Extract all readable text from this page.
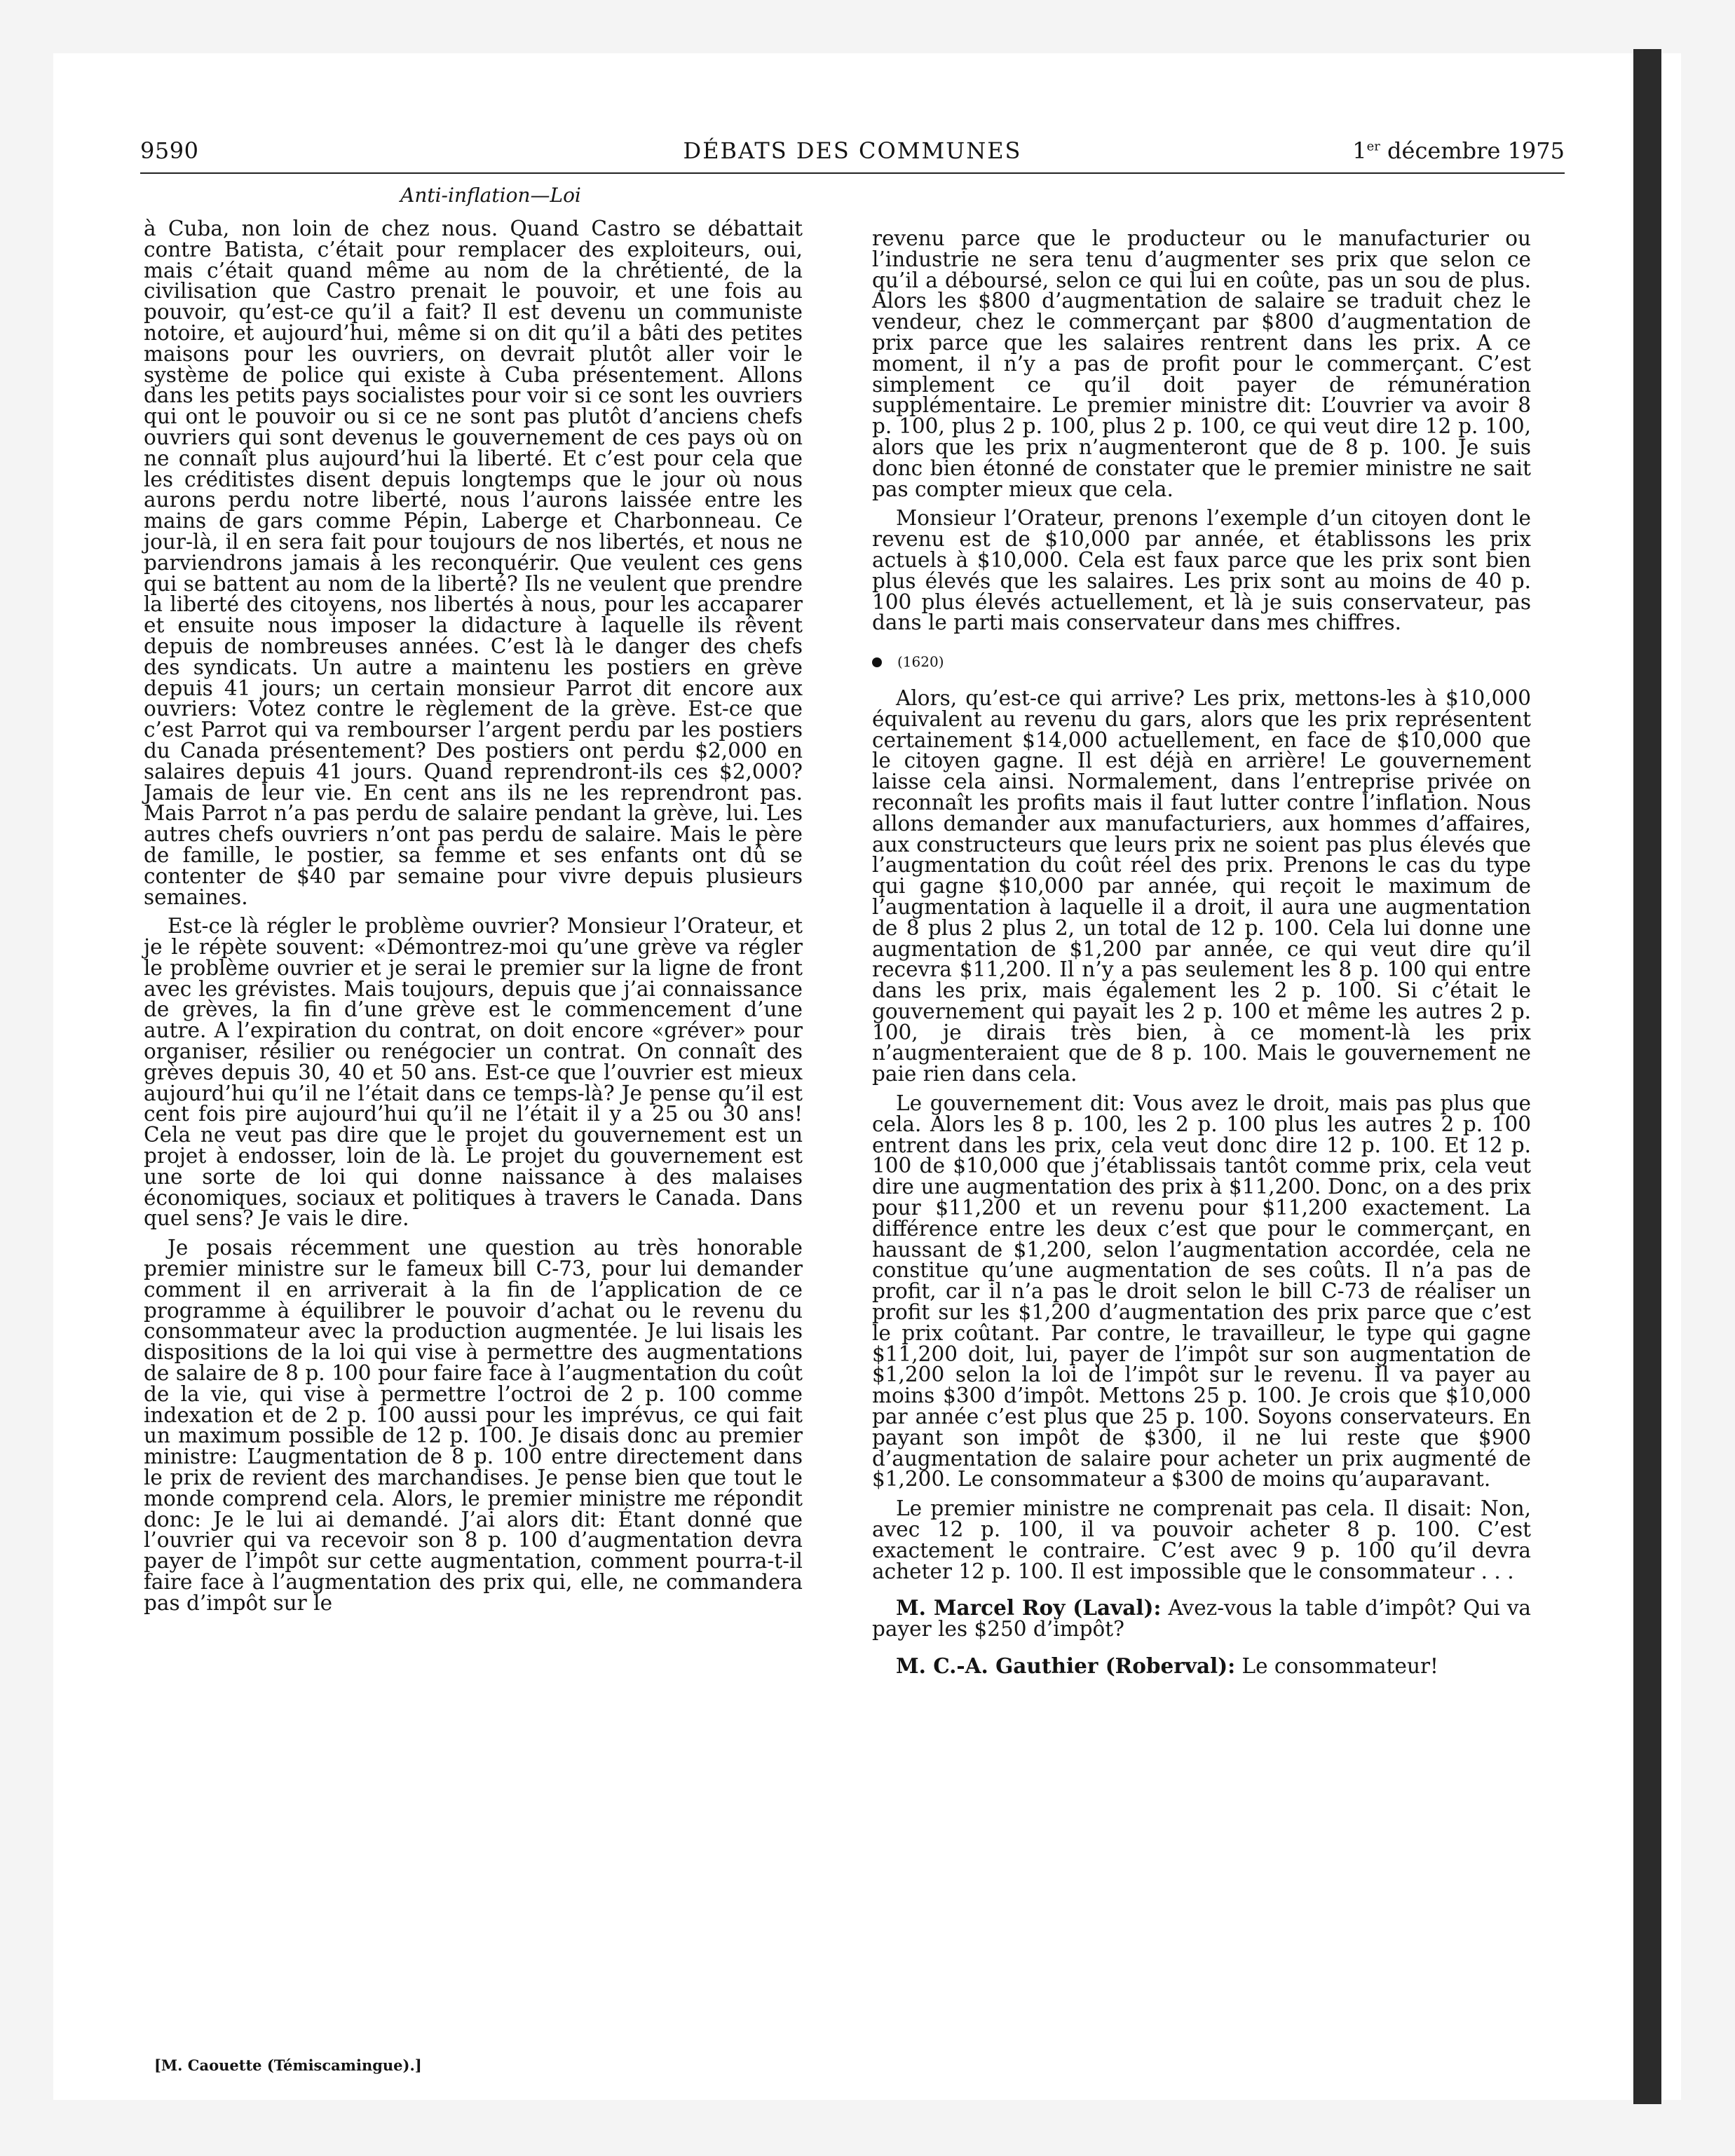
9590	DÉBATS DES COMMUNES	1er décembre 1975
Anti-inflation—Loi

à Cuba, non loin de chez nous. Quand Castro se débattait contre Batista, c’était pour remplacer des exploiteurs, oui, mais c’était quand même au nom de la chrétienté, de la civilisation que Castro prenait le pouvoir, et une fois au pouvoir, qu’est-ce qu’il a fait? Il est devenu un communiste notoire, et aujourd’hui, même si on dit qu’il a bâti des petites maisons pour les ouvriers, on devrait plutôt aller voir le système de police qui existe à Cuba présentement. Allons dans les petits pays socialistes pour voir si ce sont les ouvriers qui ont le pouvoir ou si ce ne sont pas plutôt d’anciens chefs ouvriers qui sont devenus le gouvernement de ces pays où on ne connaît plus aujourd’hui la liberté. Et c’est pour cela que les créditistes disent depuis longtemps que le jour où nous aurons perdu notre liberté, nous l’aurons laissée entre les mains de gars comme Pépin, Laberge et Charbonneau. Ce jour-là, il en sera fait pour toujours de nos libertés, et nous ne parviendrons jamais à les reconquérir. Que veulent ces gens qui se battent au nom de la liberté? Ils ne veulent que prendre la liberté des citoyens, nos libertés à nous, pour les accaparer et ensuite nous imposer la didacture à laquelle ils rêvent depuis de nombreuses années. C’est là le danger des chefs des syndicats. Un autre a maintenu les postiers en grève depuis 41 jours; un certain monsieur Parrot dit encore aux ouvriers: Votez contre le règlement de la grève. Est-ce que c’est Parrot qui va rembourser l’argent perdu par les postiers du Canada présentement? Des postiers ont perdu $2,000 en salaires depuis 41 jours. Quand reprendront-ils ces $2,000? Jamais de leur vie. En cent ans ils ne les reprendront pas. Mais Parrot n’a pas perdu de salaire pendant la grève, lui. Les autres chefs ouvriers n’ont pas perdu de salaire. Mais le père de famille, le postier, sa femme et ses enfants ont dû se contenter de $40 par semaine pour vivre depuis plusieurs semaines.

Est-ce là régler le problème ouvrier? Monsieur l’Orateur, et je le répète souvent: «Démontrez-moi qu’une grève va régler le problème ouvrier et je serai le premier sur la ligne de front avec les grévistes. Mais toujours, depuis que j’ai connaissance de grèves, la fin d’une grève est le commencement d’une autre. A l’expiration du contrat, on doit encore «gréver» pour organiser, résilier ou renégocier un contrat. On connaît des grèves depuis 30, 40 et 50 ans. Est-ce que l’ouvrier est mieux aujourd’hui qu’il ne l’était dans ce temps-là? Je pense qu’il est cent fois pire aujourd’hui qu’il ne l’était il y a 25 ou 30 ans! Cela ne veut pas dire que le projet du gouvernement est un projet à endosser, loin de là. Le projet du gouvernement est une sorte de loi qui donne naissance à des malaises économiques, sociaux et politiques à travers le Canada. Dans quel sens? Je vais le dire.

Je posais récemment une question au très honorable premier ministre sur le fameux bill C-73, pour lui demander comment il en arriverait à la fin de l’application de ce programme à équilibrer le pouvoir d’achat ou le revenu du consommateur avec la production augmentée. Je lui lisais les dispositions de la loi qui vise à permettre des augmentations de salaire de 8 p. 100 pour faire face à l’augmentation du coût de la vie, qui vise à permettre l’octroi de 2 p. 100 comme indexation et de 2 p. 100 aussi pour les imprévus, ce qui fait un maximum possible de 12 p. 100. Je disais donc au premier ministre: L’augmentation de 8 p. 100 entre directement dans le prix de revient des marchandises. Je pense bien que tout le monde comprend cela. Alors, le premier ministre me répondit donc: Je le lui ai demandé. J’ai alors dit: Étant donné que l’ouvrier qui va recevoir son 8 p. 100 d’augmentation devra payer de l’impôt sur cette augmentation, comment pourra-t-il faire face à l’augmentation des prix qui, elle, ne commandera pas d’impôt sur le

revenu parce que le producteur ou le manufacturier ou l’industrie ne sera tenu d’augmenter ses prix que selon ce qu’il a déboursé, selon ce qui lui en coûte, pas un sou de plus. Alors les $800 d’augmentation de salaire se traduit chez le vendeur, chez le commerçant par $800 d’augmentation de prix parce que les salaires rentrent dans les prix. A ce moment, il n’y a pas de profit pour le commerçant. C’est simplement ce qu’il doit payer de rémunération supplémentaire. Le premier ministre dit: L’ouvrier va avoir 8 p. 100, plus 2 p. 100, plus 2 p. 100, ce qui veut dire 12 p. 100, alors que les prix n’augmenteront que de 8 p. 100. Je suis donc bien étonné de constater que le premier ministre ne sait pas compter mieux que cela.

Monsieur l’Orateur, prenons l’exemple d’un citoyen dont le revenu est de $10,000 par année, et établissons les prix actuels à $10,000. Cela est faux parce que les prix sont bien plus élevés que les salaires. Les prix sont au moins de 40 p. 100 plus élevés actuellement, et là je suis conservateur, pas dans le parti mais conservateur dans mes chiffres.

(1620)

Alors, qu’est-ce qui arrive? Les prix, mettons-les à $10,000 équivalent au revenu du gars, alors que les prix représentent certainement $14,000 actuellement, en face de $10,000 que le citoyen gagne. Il est déjà en arrière! Le gouvernement laisse cela ainsi. Normalement, dans l’entreprise privée on reconnaît les profits mais il faut lutter contre l’inflation. Nous allons demander aux manufacturiers, aux hommes d’affaires, aux constructeurs que leurs prix ne soient pas plus élevés que l’augmentation du coût réel des prix. Prenons le cas du type qui gagne $10,000 par année, qui reçoit le maximum de l’augmentation à laquelle il a droit, il aura une augmentation de 8 plus 2 plus 2, un total de 12 p. 100. Cela lui donne une augmentation de $1,200 par année, ce qui veut dire qu’il recevra $11,200. Il n’y a pas seulement les 8 p. 100 qui entre dans les prix, mais également les 2 p. 100. Si c’était le gouvernement qui payait les 2 p. 100 et même les autres 2 p. 100, je dirais très bien, à ce moment-là les prix n’augmenteraient que de 8 p. 100. Mais le gouvernement ne paie rien dans cela.

Le gouvernement dit: Vous avez le droit, mais pas plus que cela. Alors les 8 p. 100, les 2 p. 100 plus les autres 2 p. 100 entrent dans les prix, cela veut donc dire 12 p. 100. Et 12 p. 100 de $10,000 que j’établissais tantôt comme prix, cela veut dire une augmentation des prix à $11,200. Donc, on a des prix pour $11,200 et un revenu pour $11,200 exactement. La différence entre les deux c’est que pour le commerçant, en haussant de $1,200, selon l’augmentation accordée, cela ne constitue qu’une augmentation de ses coûts. Il n’a pas de profit, car il n’a pas le droit selon le bill C-73 de réaliser un profit sur les $1,200 d’augmentation des prix parce que c’est le prix coûtant. Par contre, le travailleur, le type qui gagne $11,200 doit, lui, payer de l’impôt sur son augmentation de $1,200 selon la loi de l’impôt sur le revenu. Il va payer au moins $300 d’impôt. Mettons 25 p. 100. Je crois que $10,000 par année c’est plus que 25 p. 100. Soyons conservateurs. En payant son impôt de $300, il ne lui reste que $900 d’augmentation de salaire pour acheter un prix augmenté de $1,200. Le consommateur a $300 de moins qu’auparavant.

Le premier ministre ne comprenait pas cela. Il disait: Non, avec 12 p. 100, il va pouvoir acheter 8 p. 100. C’est exactement le contraire. C’est avec 9 p. 100 qu’il devra acheter 12 p. 100. Il est impossible que le consommateur . . .

M. Marcel Roy (Laval): Avez-vous la table d’impôt? Qui va payer les $250 d’impôt?

M. C.-A. Gauthier (Roberval): Le consommateur!

[M. Caouette (Témiscamingue).]
